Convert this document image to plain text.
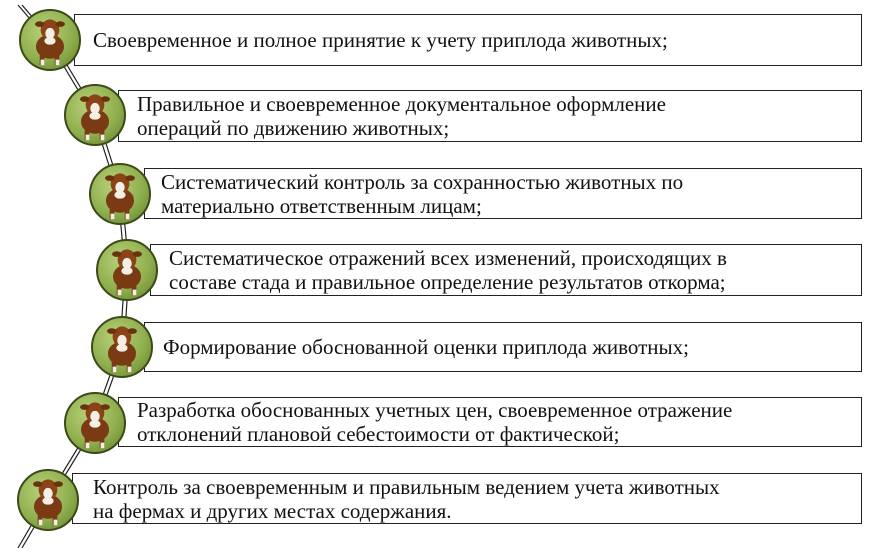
Своевременное и полное принятие к учету приплода животных;
Правильное и своевременное документальное оформление
операций по движению животных;
Систематический контроль за сохранностью животных по
материально ответственным лицам;
Систематическое отражений всех изменений, происходящих в
составе стада и правильное определение результатов откорма;
Формирование обоснованной оценки приплода животных;
Разработка обоснованных учетных цен, своевременное отражение
отклонений плановой себестоимости от фактической;
Контроль за своевременным и правильным ведением учета животных
на фермах и других местах содержания.
